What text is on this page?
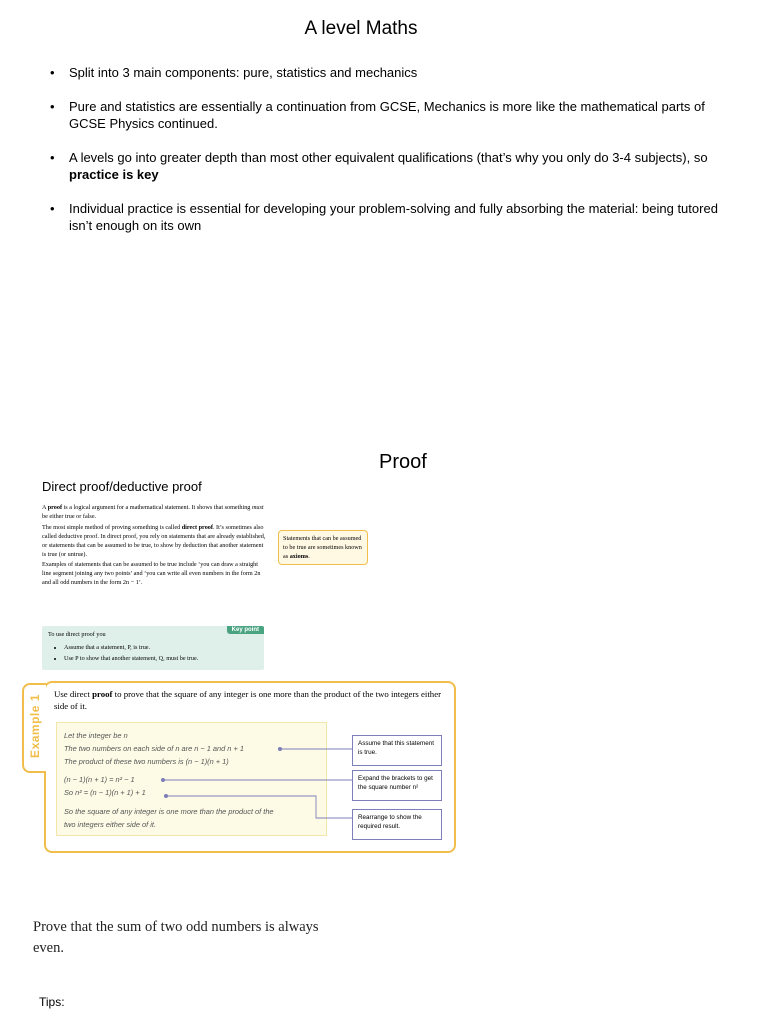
A level Maths
• Split into 3 main components: pure, statistics and mechanics
• Pure and statistics are essentially a continuation from GCSE, Mechanics is more like the mathematical parts of GCSE Physics continued.
• A levels go into greater depth than most other equivalent qualifications (that’s why you only do 3-4 subjects), so practice is key
• Individual practice is essential for developing your problem-solving and fully absorbing the material: being tutored isn’t enough on its own
Proof
Direct proof/deductive proof

A proof is a logical argument for a mathematical statement. It shows that something must be either true or false.

The most simple method of proving something is called direct proof. It’s sometimes also called deductive proof. In direct proof, you rely on statements that are already established, or statements that can be assumed to be true, to show by deduction that another statement is true (or untrue).

Examples of statements that can be assumed to be true include ‘you can draw a straight line segment joining any two points’ and ‘you can write all even numbers in the form 2n and all odd numbers in the form 2n − 1’.

Statements that can be assumed to be true are sometimes known as axioms.
Key point
To use direct proof you
• Assume that a statement, P, is true.
• Use P to show that another statement, Q, must be true.
Example 1
Use direct proof to prove that the square of any integer is one more than the product of the two integers either side of it.
Let the integer be n
The two numbers on each side of n are n − 1 and n + 1
The product of these two numbers is (n − 1)(n + 1)
(n − 1)(n + 1) = n² − 1
So n² = (n − 1)(n + 1) + 1
So the square of any integer is one more than the product of the
two integers either side of it.
Assume that this statement is true.
Expand the brackets to get the square number n²
Rearrange to show the required result.
Prove that the sum of two odd numbers is always even.
Tips:
